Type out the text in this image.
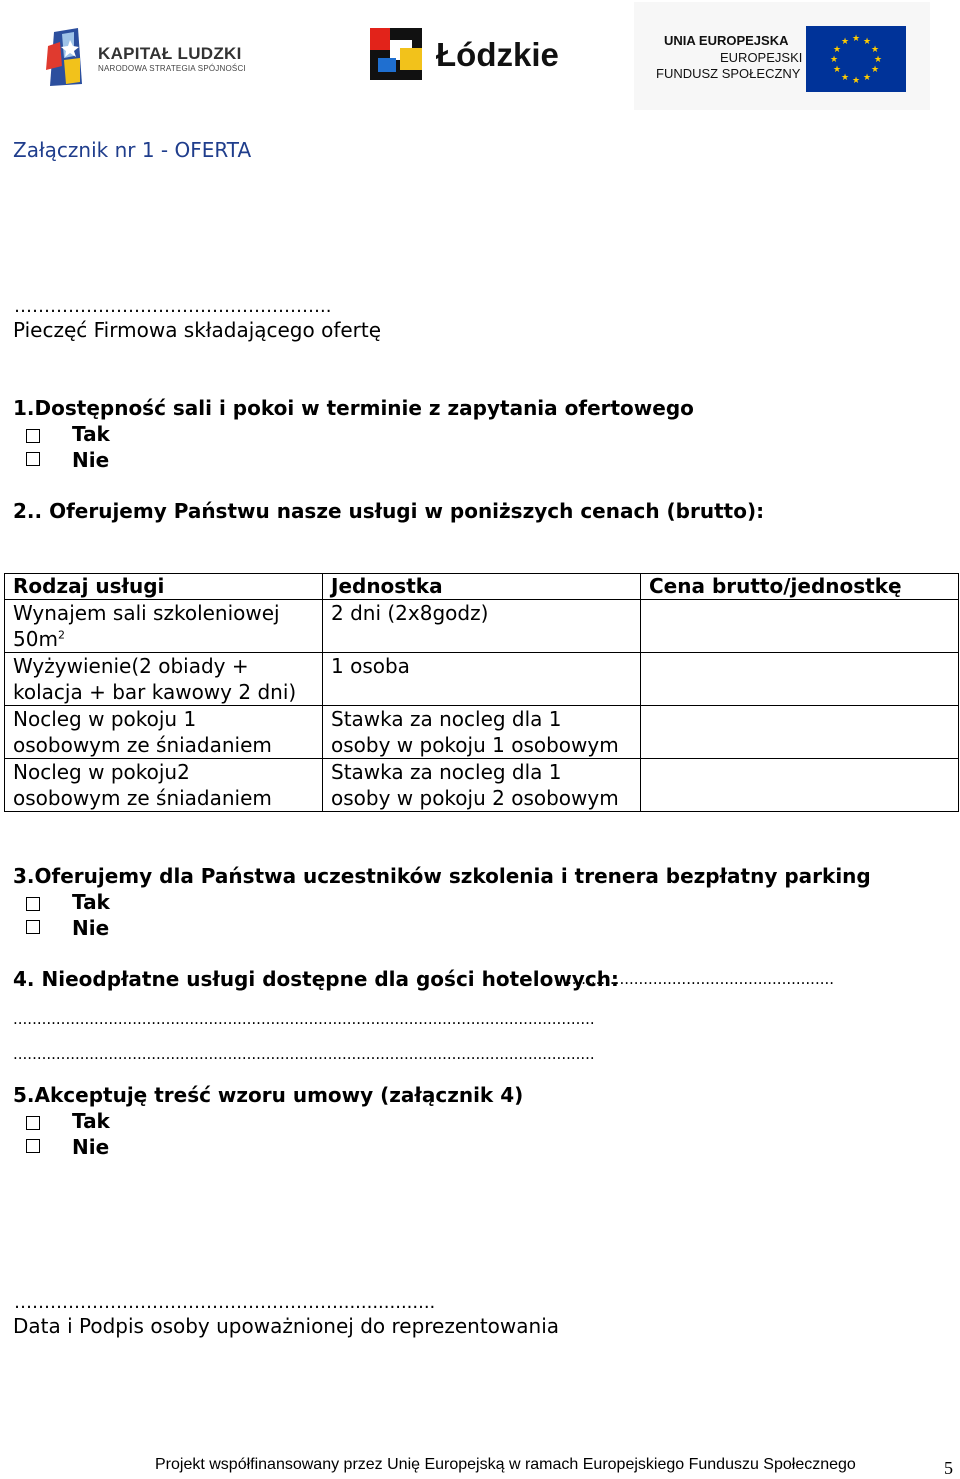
KAPITAŁ LUDZKI
NARODOWA STRATEGIA SPÓJNOŚCI	Łódzkie	UNIA EUROPEJSKA
EUROPEJSKI
FUNDUSZ SPOŁECZNY
★ ★
★
★
★
★
★
★
★
★
★
★
Załącznik nr 1 - OFERTA
……………………………………………..
Pieczęć Firmowa składającego ofertę
1.Dostępność sali i pokoi w terminie z zapytania ofertowego
Tak
Nie
2.. Oferujemy Państwu nasze usługi w poniższych cenach (brutto):
Rodzaj usługi	Jednostka	Cena brutto/jednostkę
Wynajem sali szkoleniowej
$50m^2$	2 dni (2x8godz)

Wyżywienie(2 obiady +
kolacja + bar kawowy 2 dni)	1 osoba

Nocleg w pokoju 1
osobowym ze śniadaniem	Stawka za nocleg dla 1
osoby w pokoju 1 osobowym	
Nocleg w pokoju2
osobowym ze śniadaniem	Stawka za nocleg dla 1
osoby w pokoju 2 osobowym	
3.Oferujemy dla Państwa uczestników szkolenia i trenera bezpłatny parking
Tak
Nie
4. Nieodpłatne usługi dostępne dla gości hotelowych:
........................................................
..........................................................................................................................
..........................................................................................................................
5.Akceptuję treść wzoru umowy (załącznik 4)
Tak
Nie
……………………………………………….................
Data i Podpis osoby upoważnionej do reprezentowania
Projekt współfinansowany przez Unię Europejską w ramach Europejskiego Funduszu Społecznego	5
